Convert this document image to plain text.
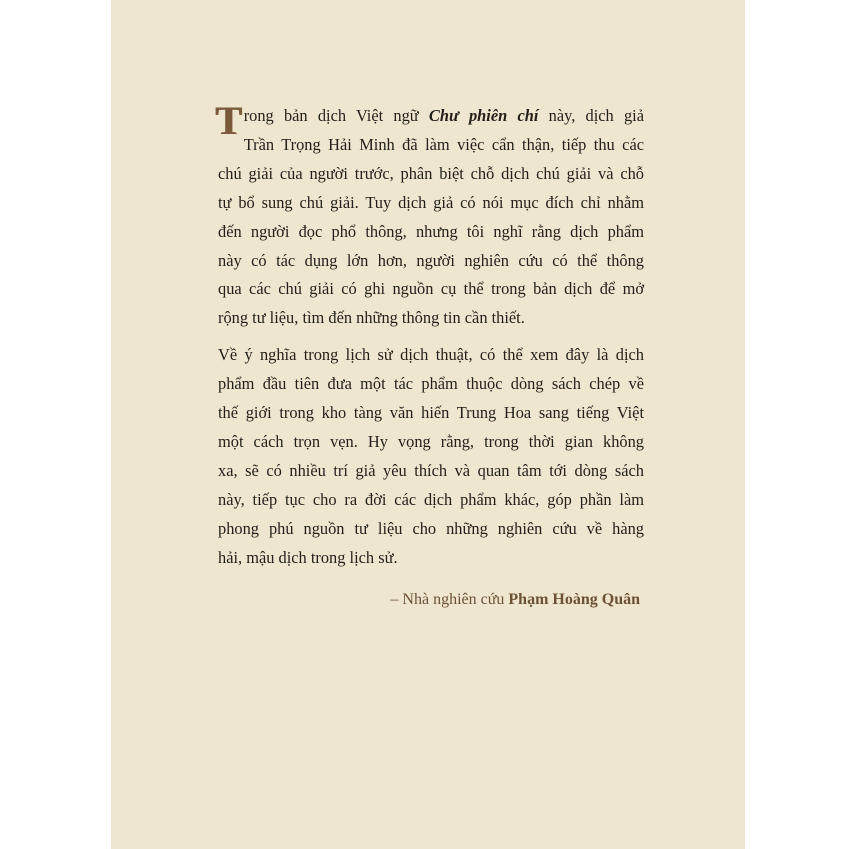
T rong bản dịch Việt ngữ Chư phiên chí này, dịch giả
Trần Trọng Hải Minh đã làm việc cẩn thận, tiếp thu các
chú giải của người trước, phân biệt chỗ dịch chú giải và chỗ
tự bổ sung chú giải. Tuy dịch giả có nói mục đích chỉ nhằm
đến người đọc phổ thông, nhưng tôi nghĩ rằng dịch phẩm
này có tác dụng lớn hơn, người nghiên cứu có thể thông
qua các chú giải có ghi nguồn cụ thể trong bản dịch để mở
rộng tư liệu, tìm đến những thông tin cần thiết.
Về ý nghĩa trong lịch sử dịch thuật, có thể xem đây là dịch
phẩm đầu tiên đưa một tác phẩm thuộc dòng sách chép về
thế giới trong kho tàng văn hiến Trung Hoa sang tiếng Việt
một cách trọn vẹn. Hy vọng rằng, trong thời gian không
xa, sẽ có nhiều trí giả yêu thích và quan tâm tới dòng sách
này, tiếp tục cho ra đời các dịch phẩm khác, góp phần làm
phong phú nguồn tư liệu cho những nghiên cứu về hàng
hải, mậu dịch trong lịch sử.
– Nhà nghiên cứu Phạm Hoàng Quân
